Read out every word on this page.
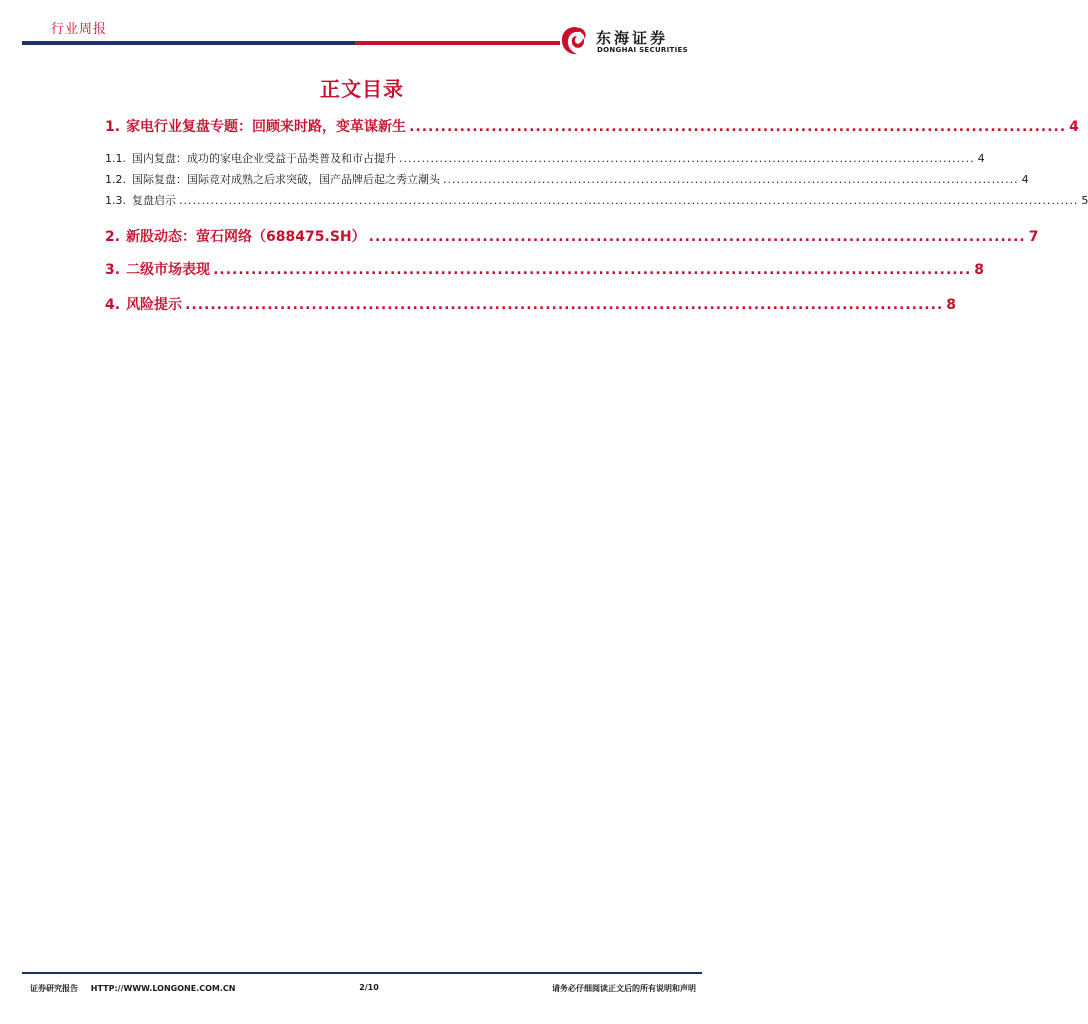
行业周报	东海证券
DONGHAI SECURITIES
正文目录
1. 家电行业复盘专题：回顾来时路，变革谋新生 ........................................................................................................ 4
1.1. 国内复盘：成功的家电企业受益于品类普及和市占提升 ................................................................................................................................ 4
1.2. 国际复盘：国际竞对成熟之后求突破，国产品牌后起之秀立潮头 ................................................................................................................................ 4
1.3. 复盘启示 ........................................................................................................................................................................................................ 5
2. 新股动态：萤石网络（688475.SH） ........................................................................................................ 7
3. 二级市场表现 ........................................................................................................................ 8
4. 风险提示 ........................................................................................................................ 8
证券研究报告 HTTP://WWW.LONGONE.COM.CN	2/10	请务必仔细阅读正文后的所有说明和声明
